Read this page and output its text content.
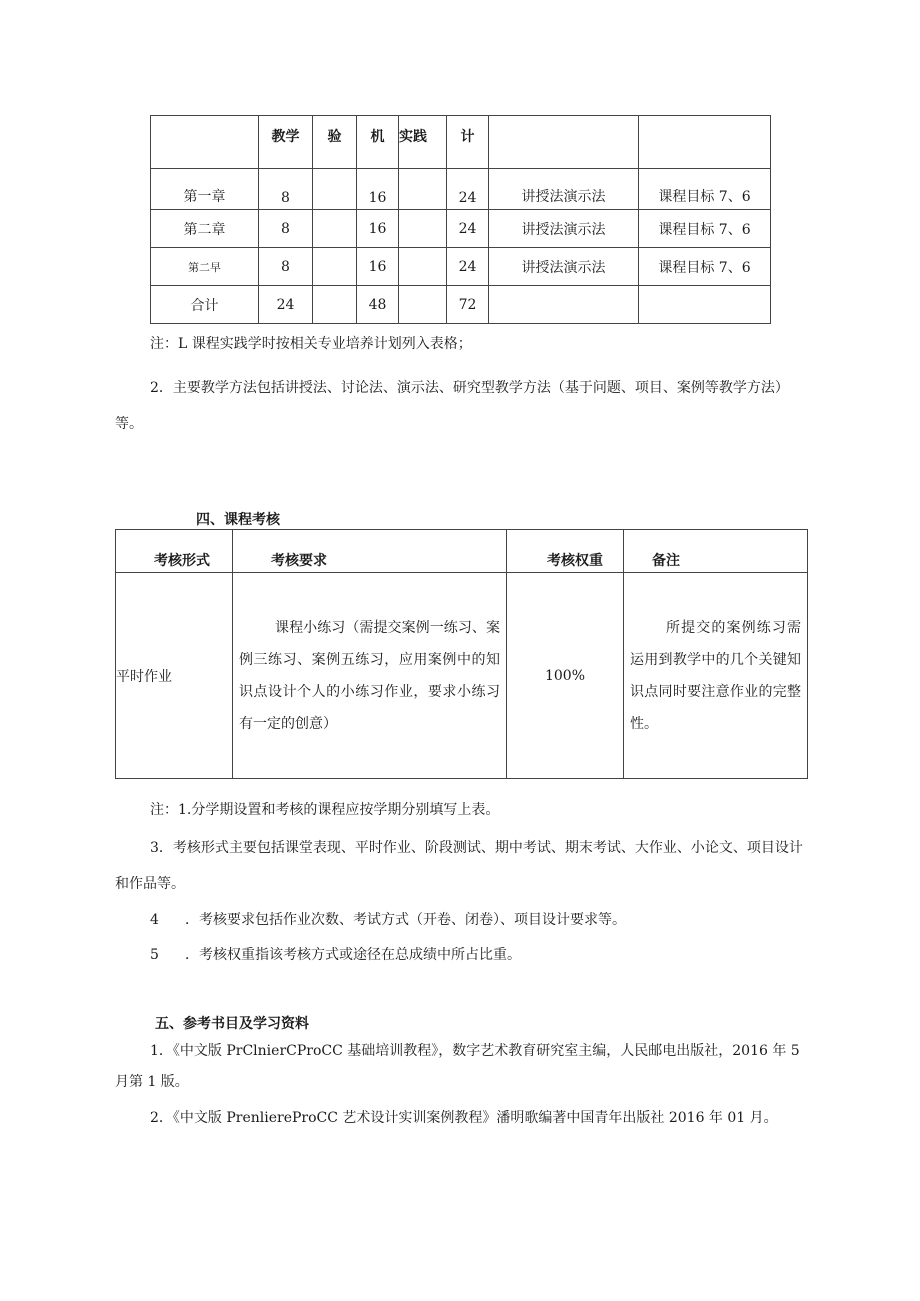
	教学	验	机	实践	计		
第一章	8		16		24	讲授法演示法	课程目标 7、6
第二章	8		16		24	讲授法演示法	课程目标 7、6
第二早	8		16		24	讲授法演示法	课程目标 7、6
合计	24		48		72		
注：L 课程实践学时按相关专业培养计划列入表格；
2．主要教学方法包括讲授法、讨论法、演示法、研究型教学方法（基于问题、项目、案例等教学方法）等。
四、课程考核
考核形式	考核要求	考核权重	备注
平时作业	课程小练习（需提交案例一练习、案例三练习、案例五练习，应用案例中的知识点设计个人的小练习作业，要求小练习有一定的创意）	100%	所提交的案例练习需运用到教学中的几个关键知识点同时要注意作业的完整性。
注：1.分学期设置和考核的课程应按学期分别填写上表。
3．考核形式主要包括课堂表现、平时作业、阶段测试、期中考试、期末考试、大作业、小论文、项目设计和作品等。
4 ．考核要求包括作业次数、考试方式（开卷、闭卷）、项目设计要求等。
5 ．考核权重指该考核方式或途径在总成绩中所占比重。
五、参考书目及学习资料
1．《中文版 PrClnierCProCC 基础培训教程》，数字艺术教育研究室主编，人民邮电出版社，2016 年 5 月第 1 版。
2．《中文版 PrenliereProCC 艺术设计实训案例教程》潘明歌编著中国青年出版社 2016 年 01 月。
